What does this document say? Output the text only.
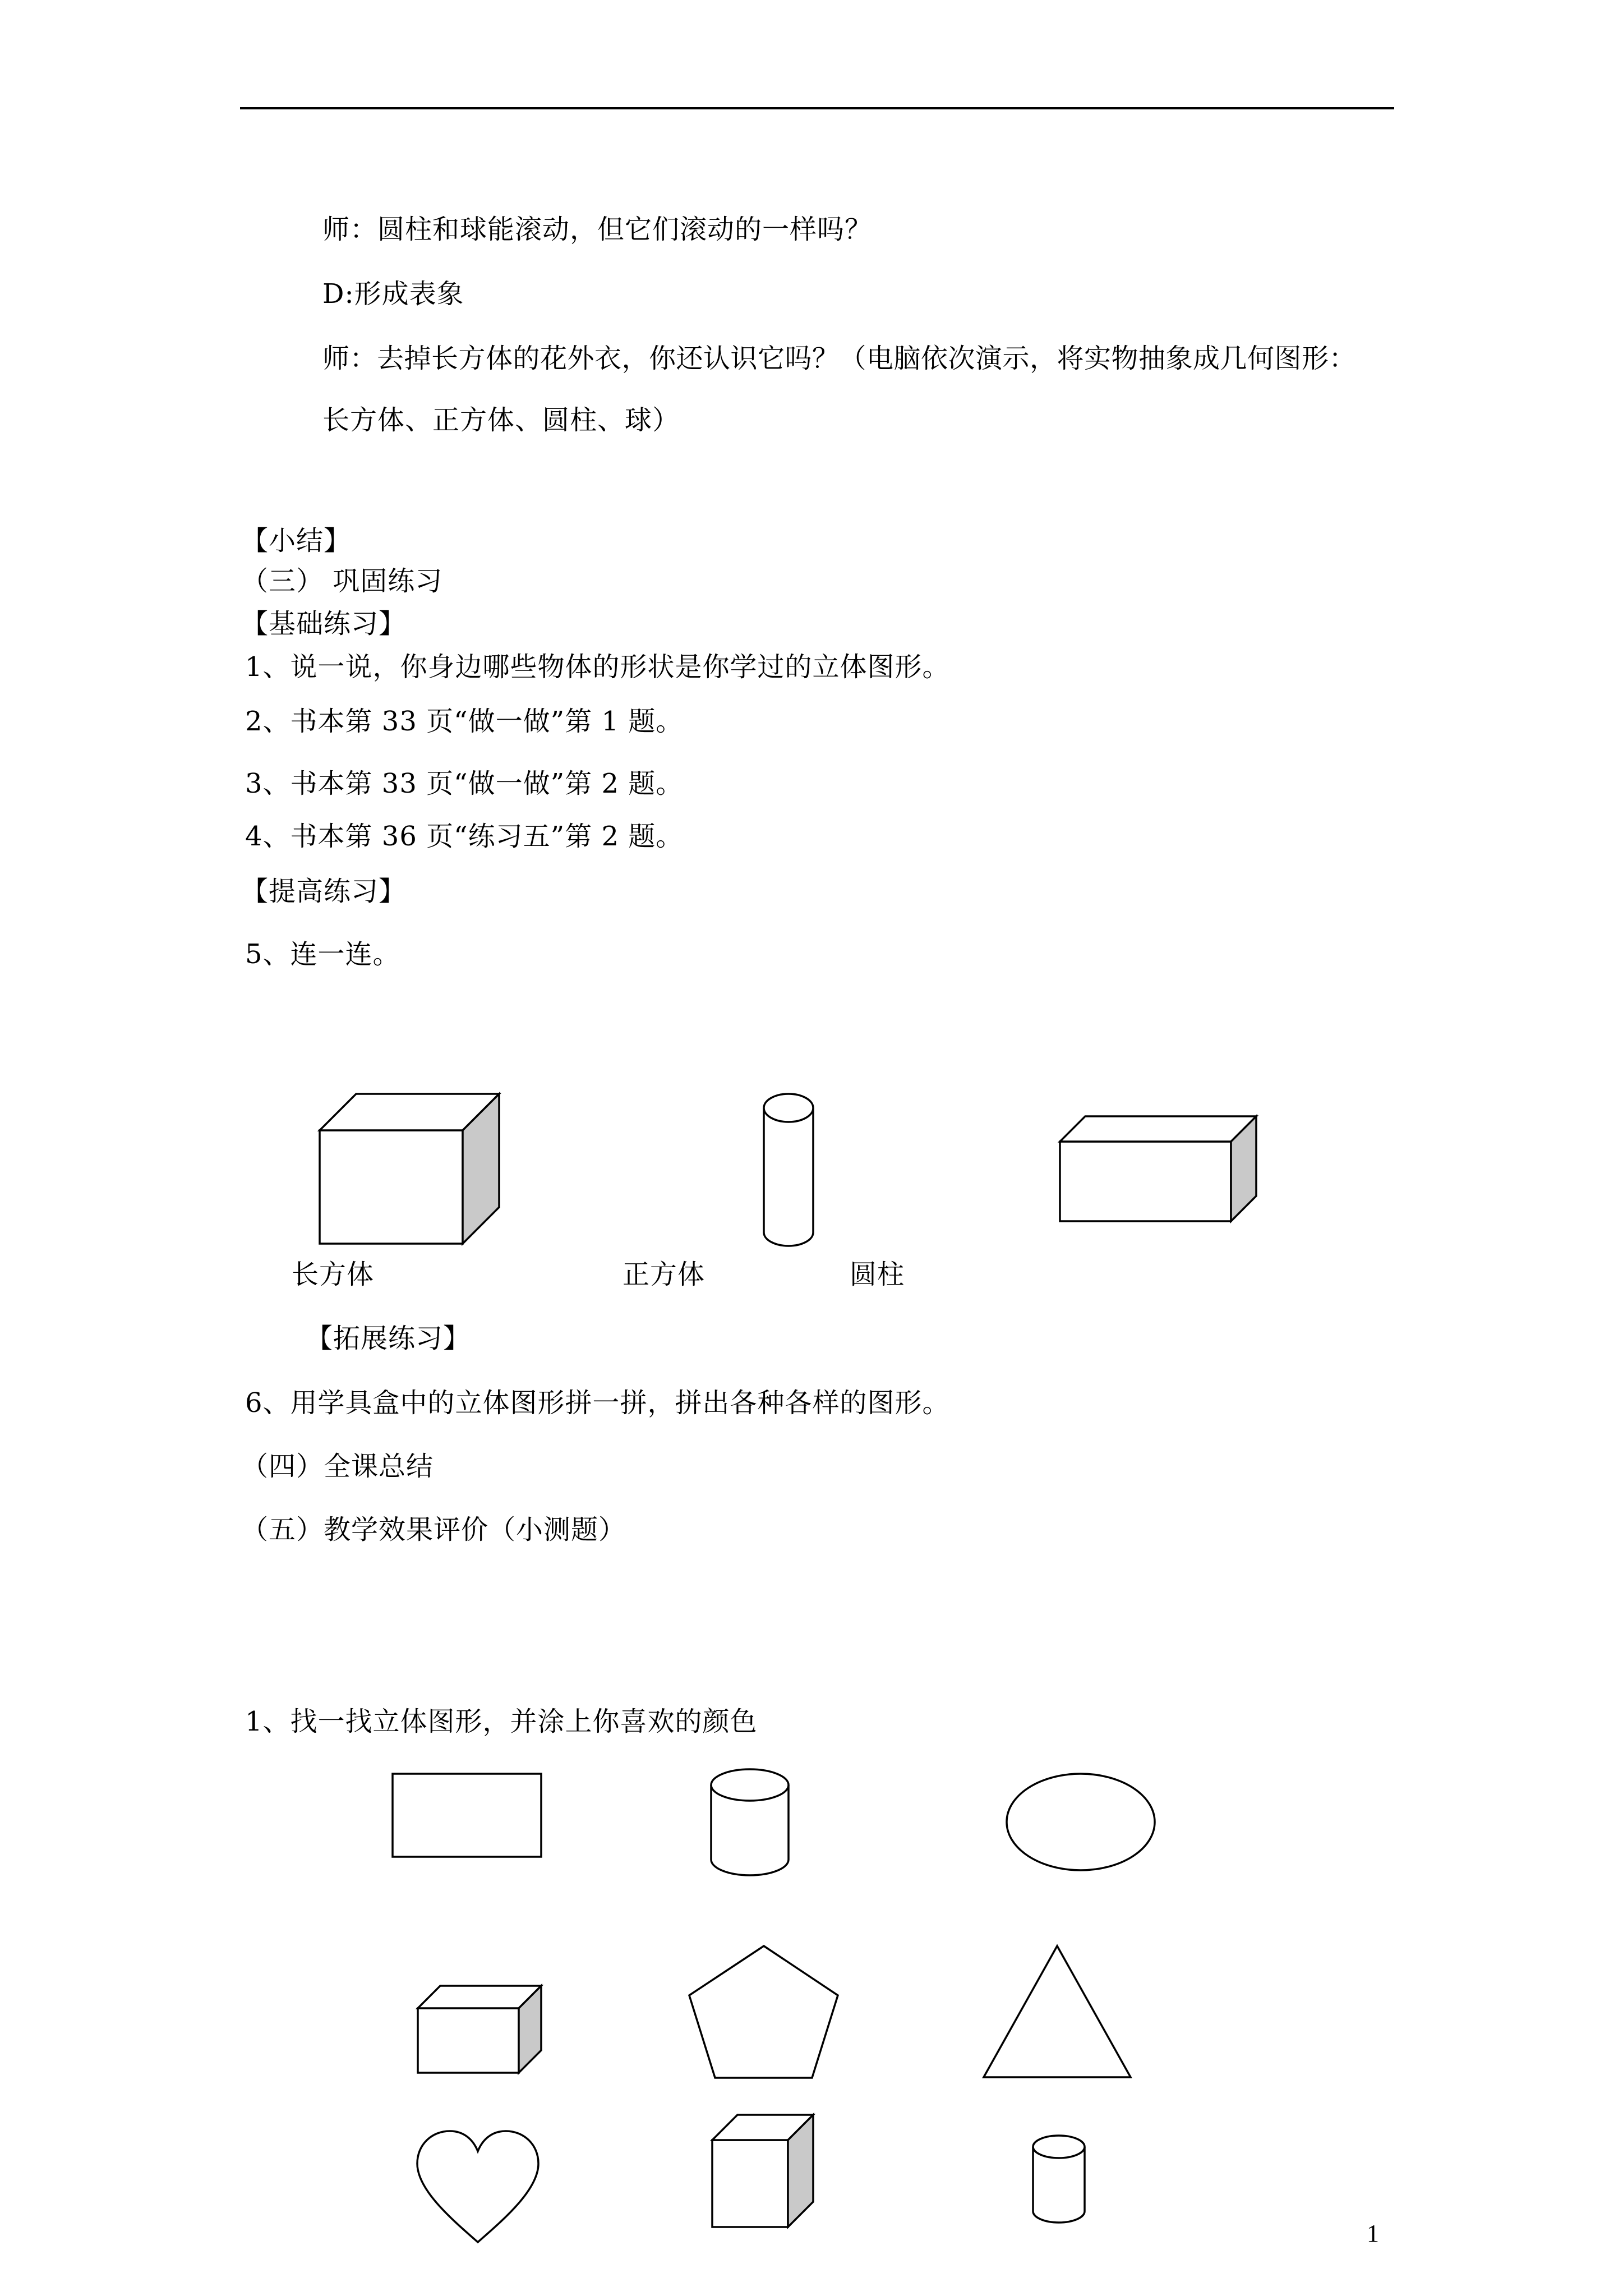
师：圆柱和球能滚动，但它们滚动的一样吗？
D:形成表象
师：去掉长方体的花外衣，你还认识它吗？（电脑依次演示，将实物抽象成几何图形：
长方体、正方体、圆柱、球）
【小结】
（三） 巩固练习
【基础练习】
1、说一说，你身边哪些物体的形状是你学过的立体图形。
2、书本第 33 页“做一做”第 1 题。
3、书本第 33 页“做一做”第 2 题。
4、书本第 36 页“练习五”第 2 题。
【提高练习】
5、连一连。
长方体	正方体	圆柱
【拓展练习】
6、用学具盒中的立体图形拼一拼，拼出各种各样的图形。
（四）全课总结
（五）教学效果评价（小测题）
1、找一找立体图形，并涂上你喜欢的颜色
1
